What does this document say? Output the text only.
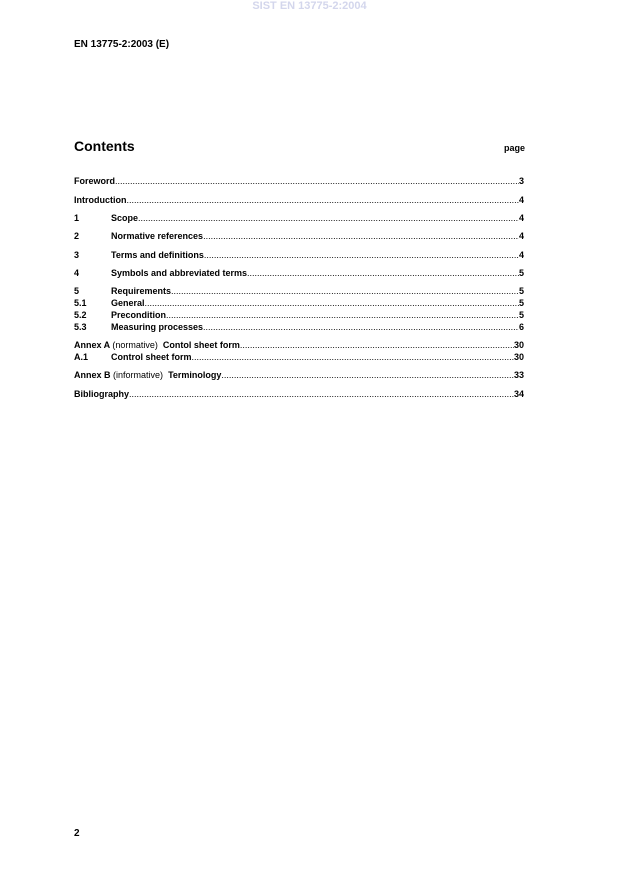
SIST EN 13775-2:2004
EN 13775-2:2003 (E)
Contents	page
Foreword .....	3
Introduction .....	4
1	Scope .....	4
2	Normative references .....	4
3	Terms and definitions .....	4
4	Symbols and abbreviated terms .....	5
5	Requirements .....	5
5.1	General .....	5
5.2	Precondition .....	5
5.3	Measuring processes .....	6
Annex A (normative) Contol sheet form .....	30
A.1	Control sheet form .....	30
Annex B (informative) Terminology .....	33
Bibliography .....	34
2
